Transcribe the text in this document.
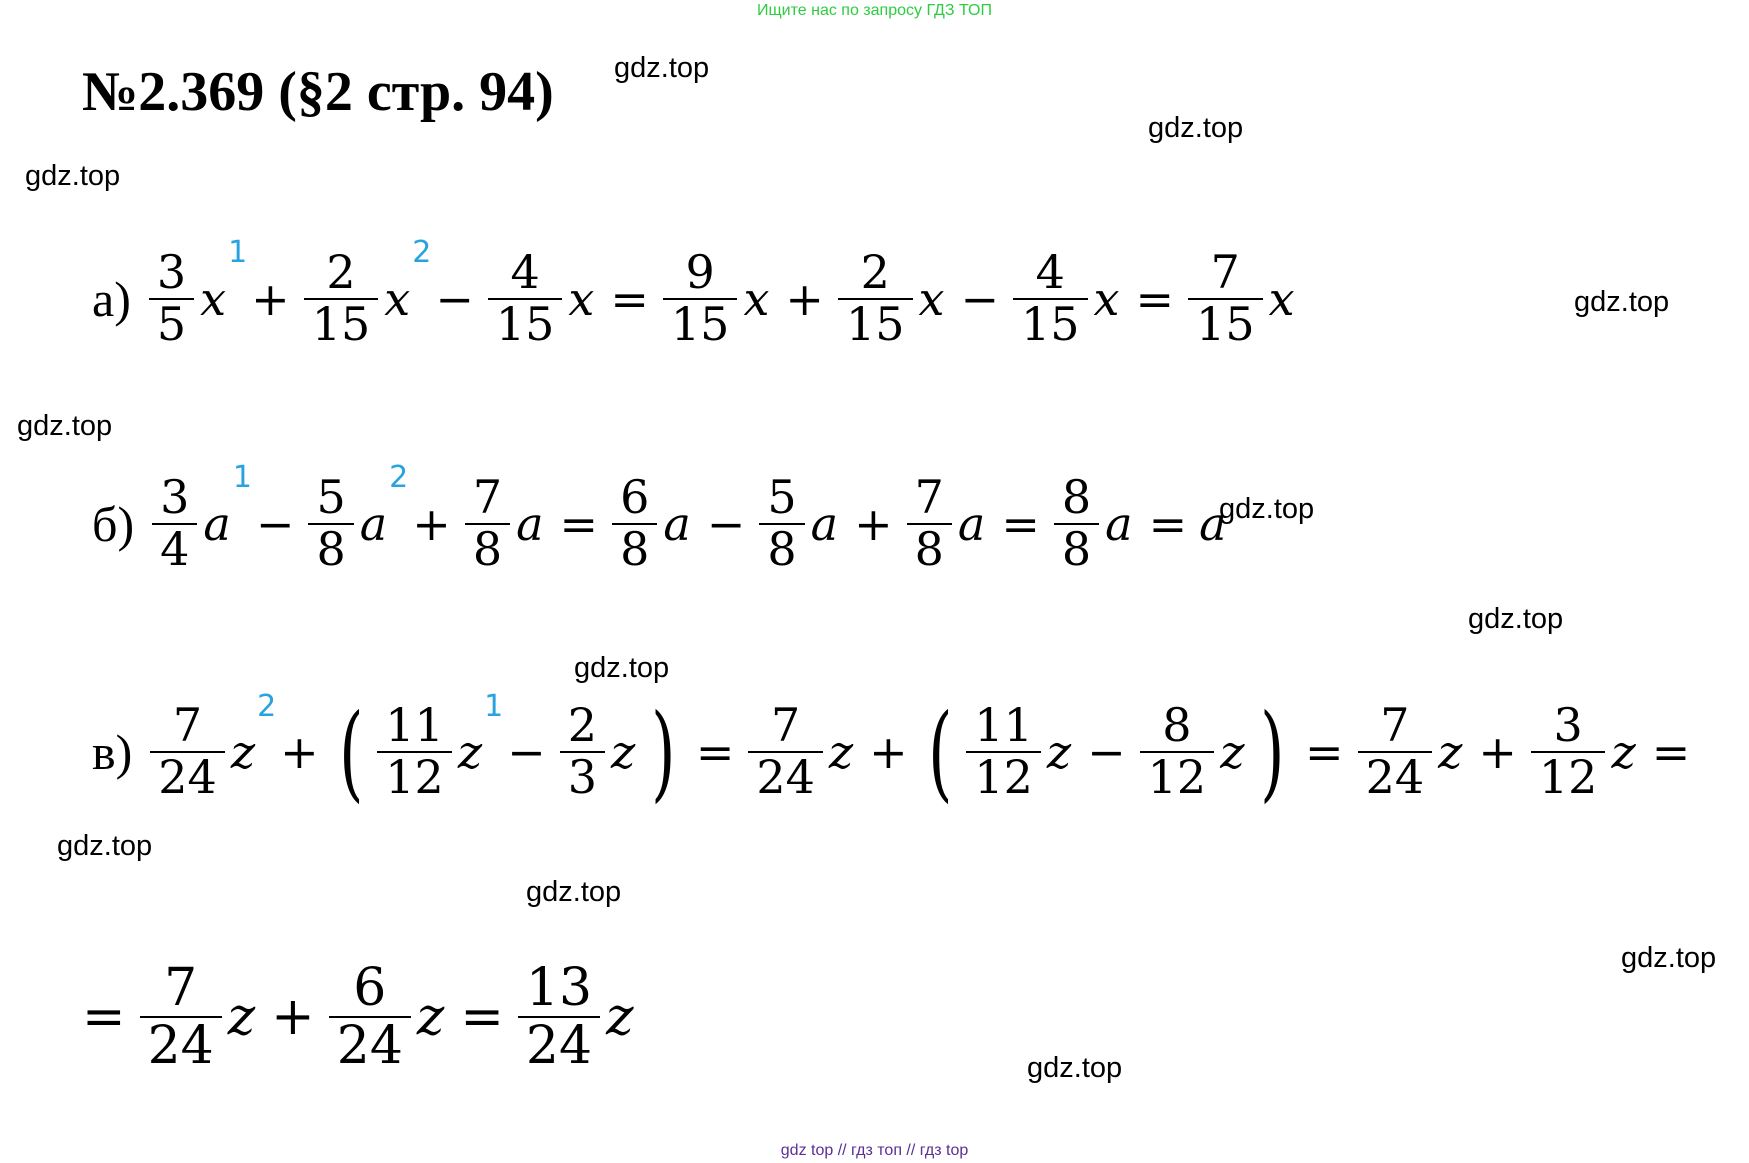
Ищите нас по запросу ГДЗ ТОП
№2.369 (§2 стр. 94) gdz.top
gdz.top
gdz.top
gdz.top
gdz.top
gdz.top
gdz.top
gdz.top
gdz.top
gdz.top
gdz.top
gdz.top
$а) \frac{3}{5}$ x
1
+ $\frac{2}{15}$ x
2
− $\frac{4}{15}$ $x = \frac{9}{15}$ $x + \frac{2}{15}$ $x - \frac{4}{15}$ $x = \frac{7}{15}$ x
$б) \frac{3}{4}$ a
1
− $\frac{5}{8}$ a
2
+ $\frac{7}{8}$ $a = \frac{6}{8}$ $a - \frac{5}{8}$ $a + \frac{7}{8}$ $a = \frac{8}{8}$ a = a
$в) \frac{7}{24}$ z
2
+ ( $\frac{11}{12}$ z
1
− $\frac{2}{3}$ z ) = $\frac{7}{24}$ z + ( $\frac{11}{12}$ $z - \frac{8}{12}$ z ) = $\frac{7}{24}$ $z + \frac{3}{12}$ z =
= $\frac{7}{24}$ $z + \frac{6}{24}$ $z = \frac{13}{24}$ z
gdz top // гдз топ // гдз top
